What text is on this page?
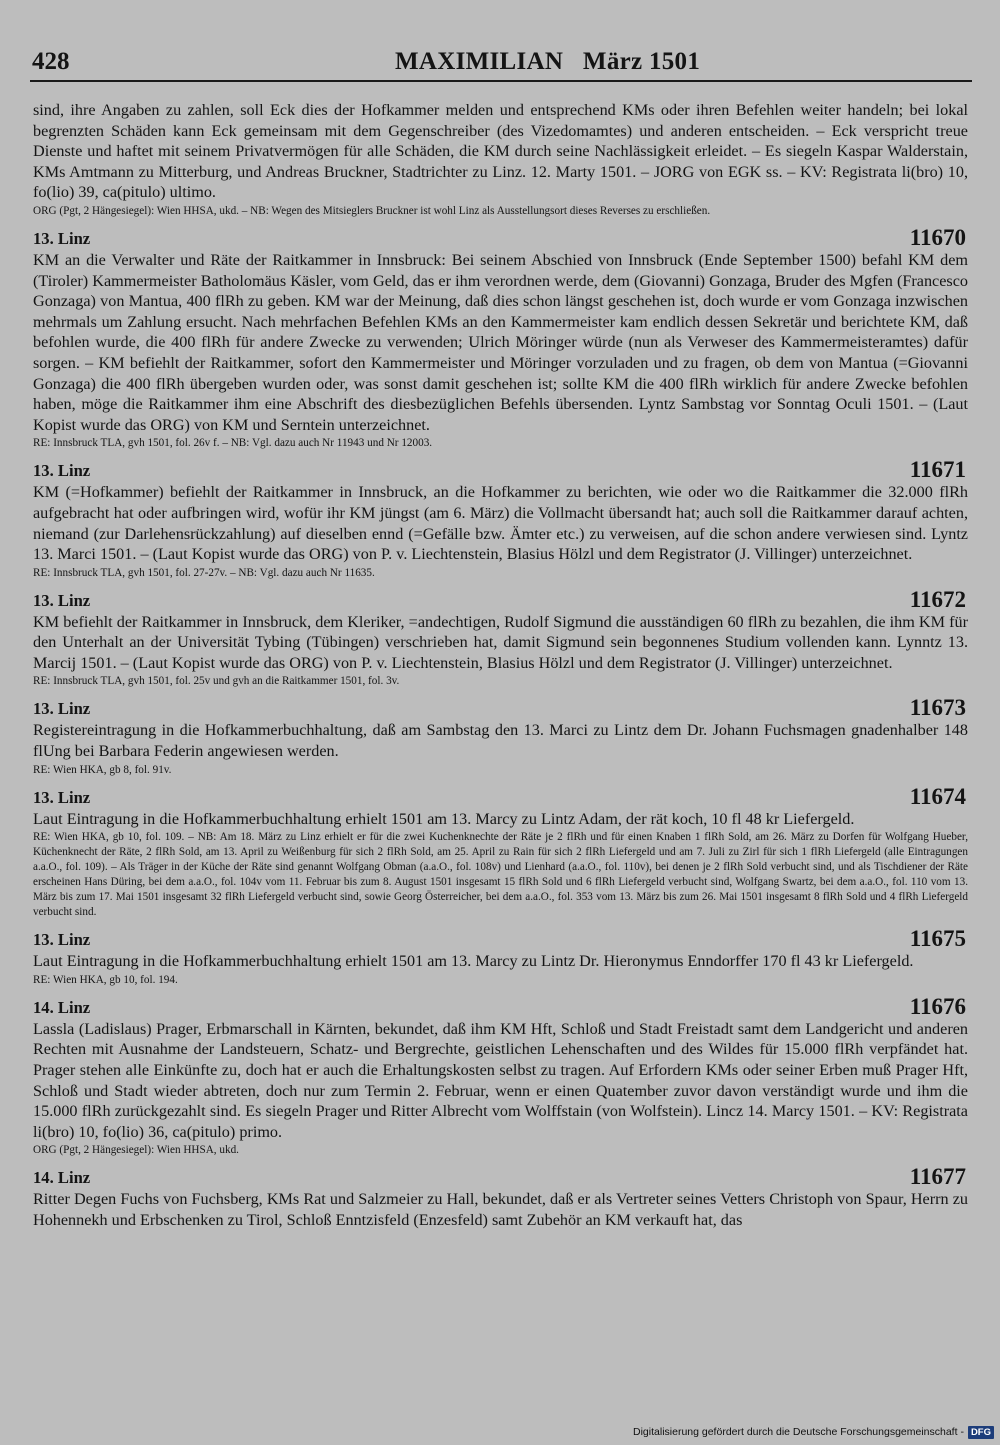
428	MAXIMILIAN   März 1501

sind, ihre Angaben zu zahlen, soll Eck dies der Hofkammer melden und entsprechend KMs oder ihren Befehlen weiter handeln; bei lokal begrenzten Schäden kann Eck gemeinsam mit dem Gegenschreiber (des Vizedomamtes) und anderen entscheiden. – Eck verspricht treue Dienste und haftet mit seinem Privatvermögen für alle Schäden, die KM durch seine Nachlässigkeit erleidet. – Es siegeln Kaspar Walderstain, KMs Amtmann zu Mitterburg, und Andreas Bruckner, Stadtrichter zu Linz. 12. Marty 1501. – JORG von EGK ss. – KV: Registrata li(bro) 10, fo(lio) 39, ca(pitulo) ultimo.

ORG (Pgt, 2 Hängesiegel): Wien HHSA, ukd. – NB: Wegen des Mitsieglers Bruckner ist wohl Linz als Ausstellungsort dieses Reverses zu erschließen.

13. Linz	11670

KM an die Verwalter und Räte der Raitkammer in Innsbruck: Bei seinem Abschied von Innsbruck (Ende September 1500) befahl KM dem (Tiroler) Kammermeister Batholomäus Käsler, vom Geld, das er ihm verordnen werde, dem (Giovanni) Gonzaga, Bruder des Mgfen (Francesco Gonzaga) von Mantua, 400 flRh zu geben. KM war der Meinung, daß dies schon längst geschehen ist, doch wurde er vom Gonzaga inzwischen mehrmals um Zahlung ersucht. Nach mehrfachen Befehlen KMs an den Kammermeister kam endlich dessen Sekretär und berichtete KM, daß befohlen wurde, die 400 flRh für andere Zwecke zu verwenden; Ulrich Möringer würde (nun als Verweser des Kammermeisteramtes) dafür sorgen. – KM befiehlt der Raitkammer, sofort den Kammermeister und Möringer vorzuladen und zu fragen, ob dem von Mantua (=Giovanni Gonzaga) die 400 flRh übergeben wurden oder, was sonst damit geschehen ist; sollte KM die 400 flRh wirklich für andere Zwecke befohlen haben, möge die Raitkammer ihm eine Abschrift des diesbezüglichen Befehls übersenden. Lyntz Sambstag vor Sonntag Oculi 1501. – (Laut Kopist wurde das ORG) von KM und Serntein unterzeichnet.

RE: Innsbruck TLA, gvh 1501, fol. 26v f. – NB: Vgl. dazu auch Nr 11943 und Nr 12003.

13. Linz	11671

KM (=Hofkammer) befiehlt der Raitkammer in Innsbruck, an die Hofkammer zu berichten, wie oder wo die Raitkammer die 32.000 flRh aufgebracht hat oder aufbringen wird, wofür ihr KM jüngst (am 6. März) die Vollmacht übersandt hat; auch soll die Raitkammer darauf achten, niemand (zur Darlehensrückzahlung) auf dieselben ennd (=Gefälle bzw. Ämter etc.) zu verweisen, auf die schon andere verwiesen sind. Lyntz 13. Marci 1501. – (Laut Kopist wurde das ORG) von P. v. Liechtenstein, Blasius Hölzl und dem Registrator (J. Villinger) unterzeichnet.

RE: Innsbruck TLA, gvh 1501, fol. 27-27v. – NB: Vgl. dazu auch Nr 11635.

13. Linz	11672

KM befiehlt der Raitkammer in Innsbruck, dem Kleriker, =andechtigen, Rudolf Sigmund die ausständigen 60 flRh zu bezahlen, die ihm KM für den Unterhalt an der Universität Tybing (Tübingen) verschrieben hat, damit Sigmund sein begonnenes Studium vollenden kann. Lynntz 13. Marcij 1501. – (Laut Kopist wurde das ORG) von P. v. Liechtenstein, Blasius Hölzl und dem Registrator (J. Villinger) unterzeichnet.

RE: Innsbruck TLA, gvh 1501, fol. 25v und gvh an die Raitkammer 1501, fol. 3v.

13. Linz	11673

Registereintragung in die Hofkammerbuchhaltung, daß am Sambstag den 13. Marci zu Lintz dem Dr. Johann Fuchsmagen gnadenhalber 148 flUng bei Barbara Federin angewiesen werden.

RE: Wien HKA, gb 8, fol. 91v.

13. Linz	11674

Laut Eintragung in die Hofkammerbuchhaltung erhielt 1501 am 13. Marcy zu Lintz Adam, der rät koch, 10 fl 48 kr Liefergeld.

RE: Wien HKA, gb 10, fol. 109. – NB: Am 18. März zu Linz erhielt er für die zwei Kuchenknechte der Räte je 2 flRh und für einen Knaben 1 flRh Sold, am 26. März zu Dorfen für Wolfgang Hueber, Küchenknecht der Räte, 2 flRh Sold, am 13. April zu Weißenburg für sich 2 flRh Sold, am 25. April zu Rain für sich 2 flRh Liefergeld und am 7. Juli zu Zirl für sich 1 flRh Liefergeld (alle Eintragungen a.a.O., fol. 109). – Als Träger in der Küche der Räte sind genannt Wolfgang Obman (a.a.O., fol. 108v) und Lienhard (a.a.O., fol. 110v), bei denen je 2 flRh Sold verbucht sind, und als Tischdiener der Räte erscheinen Hans Düring, bei dem a.a.O., fol. 104v vom 11. Februar bis zum 8. August 1501 insgesamt 15 flRh Sold und 6 flRh Liefergeld verbucht sind, Wolfgang Swartz, bei dem a.a.O., fol. 110 vom 13. März bis zum 17. Mai 1501 insgesamt 32 flRh Liefergeld verbucht sind, sowie Georg Österreicher, bei dem a.a.O., fol. 353 vom 13. März bis zum 26. Mai 1501 insgesamt 8 flRh Sold und 4 flRh Liefergeld verbucht sind.

13. Linz	11675

Laut Eintragung in die Hofkammerbuchhaltung erhielt 1501 am 13. Marcy zu Lintz Dr. Hieronymus Enndorffer 170 fl 43 kr Liefergeld.

RE: Wien HKA, gb 10, fol. 194.

14. Linz	11676

Lassla (Ladislaus) Prager, Erbmarschall in Kärnten, bekundet, daß ihm KM Hft, Schloß und Stadt Freistadt samt dem Landgericht und anderen Rechten mit Ausnahme der Landsteuern, Schatz- und Bergrechte, geistlichen Lehenschaften und des Wildes für 15.000 flRh verpfändet hat. Prager stehen alle Einkünfte zu, doch hat er auch die Erhaltungskosten selbst zu tragen. Auf Erfordern KMs oder seiner Erben muß Prager Hft, Schloß und Stadt wieder abtreten, doch nur zum Termin 2. Februar, wenn er einen Quatember zuvor davon verständigt wurde und ihm die 15.000 flRh zurückgezahlt sind. Es siegeln Prager und Ritter Albrecht vom Wolffstain (von Wolfstein). Lincz 14. Marcy 1501. – KV: Registrata li(bro) 10, fo(lio) 36, ca(pitulo) primo.

ORG (Pgt, 2 Hängesiegel): Wien HHSA, ukd.

14. Linz	11677

Ritter Degen Fuchs von Fuchsberg, KMs Rat und Salzmeier zu Hall, bekundet, daß er als Vertreter seines Vetters Christoph von Spaur, Herrn zu Hohennekh und Erbschenken zu Tirol, Schloß Enntzisfeld (Enzesfeld) samt Zubehör an KM verkauft hat, das

Digitalisierung gefördert durch die Deutsche Forschungsgemeinschaft - DFG
